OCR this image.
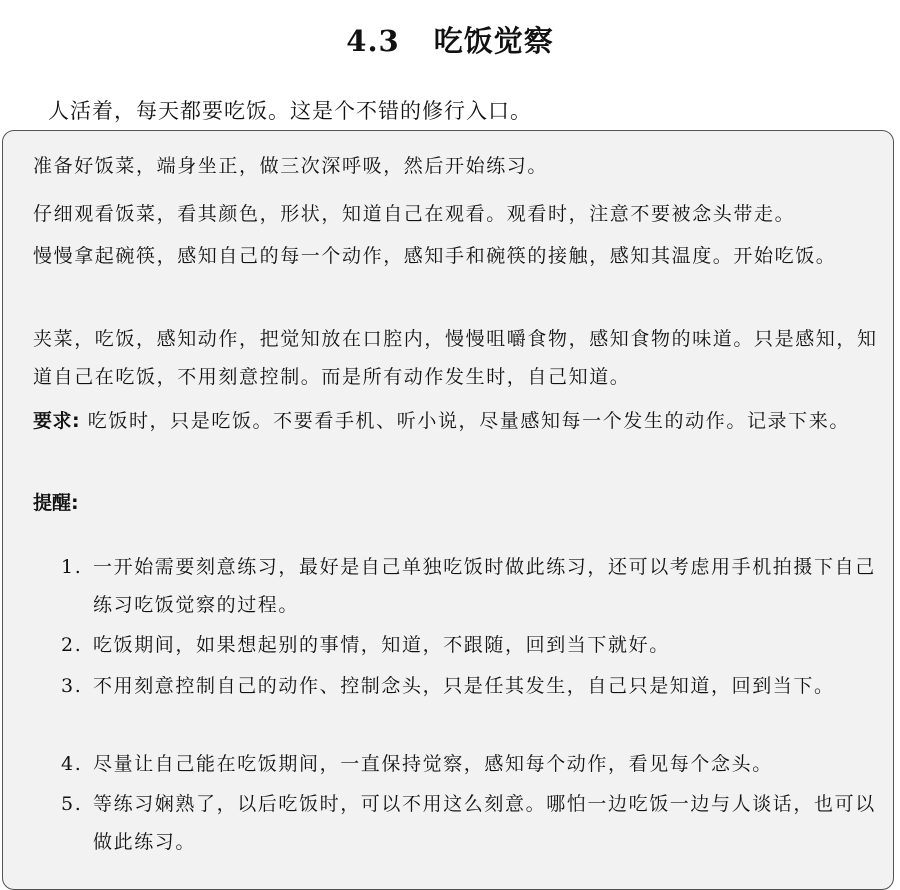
4.3 吃饭觉察

人活着，每天都要吃饭。这是个不错的修行入口。

准备好饭菜，端身坐正，做三次深呼吸，然后开始练习。

仔细观看饭菜，看其颜色，形状，知道自己在观看。观看时，注意不要被念头带走。

慢慢拿起碗筷，感知自己的每一个动作，感知手和碗筷的接触，感知其温度。开始吃饭。

夹菜，吃饭，感知动作，把觉知放在口腔内，慢慢咀嚼食物，感知食物的味道。只是感知，知道自己在吃饭，不用刻意控制。而是所有动作发生时，自己知道。

要求: 吃饭时，只是吃饭。不要看手机、听小说，尽量感知每一个发生的动作。记录下来。

提醒:
1. 一开始需要刻意练习，最好是自己单独吃饭时做此练习，还可以考虑用手机拍摄下自己练习吃饭觉察的过程。
2. 吃饭期间，如果想起别的事情，知道，不跟随，回到当下就好。
3. 不用刻意控制自己的动作、控制念头，只是任其发生，自己只是知道，回到当下。
4. 尽量让自己能在吃饭期间，一直保持觉察，感知每个动作，看见每个念头。
5. 等练习娴熟了，以后吃饭时，可以不用这么刻意。哪怕一边吃饭一边与人谈话，也可以做此练习。
